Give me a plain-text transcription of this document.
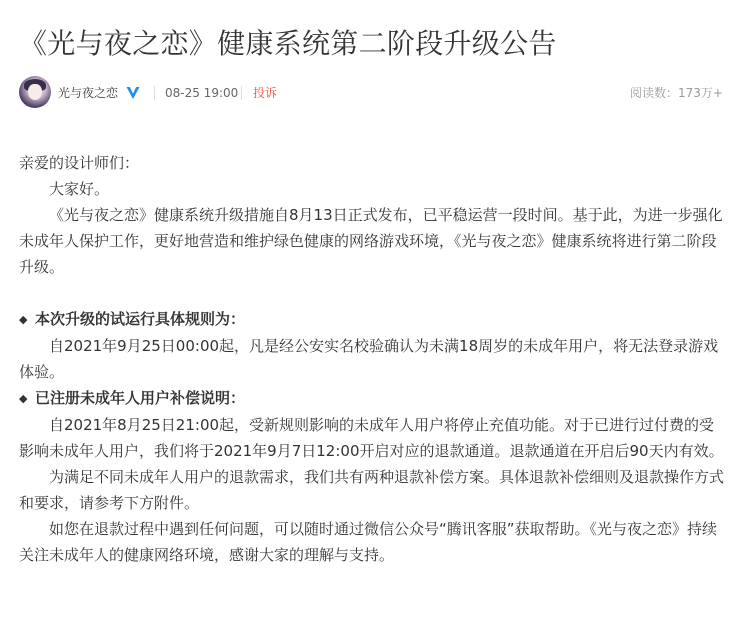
《光与夜之恋》健康系统第二阶段升级公告
光与夜之恋	08-25 19:00 投诉	阅读数：173万+

亲爱的设计师们：

大家好。

《光与夜之恋》健康系统升级措施自8月13日正式发布，已平稳运营一段时间。基于此，为进一步强化未成年人保护工作，更好地营造和维护绿色健康的网络游戏环境，《光与夜之恋》健康系统将进行第二阶段升级。

◆ 本次升级的试运行具体规则为：

自2021年9月25日00:00起，凡是经公安实名校验确认为未满18周岁的未成年用户，将无法登录游戏体验。

◆ 已注册未成年人用户补偿说明：

自2021年8月25日21:00起，受新规则影响的未成年人用户将停止充值功能。对于已进行过付费的受影响未成年人用户，我们将于2021年9月7日12:00开启对应的退款通道。退款通道在开启后90天内有效。

为满足不同未成年人用户的退款需求，我们共有两种退款补偿方案。具体退款补偿细则及退款操作方式和要求，请参考下方附件。

如您在退款过程中遇到任何问题，可以随时通过微信公众号“腾讯客服”获取帮助。《光与夜之恋》持续关注未成年人的健康网络环境，感谢大家的理解与支持。
